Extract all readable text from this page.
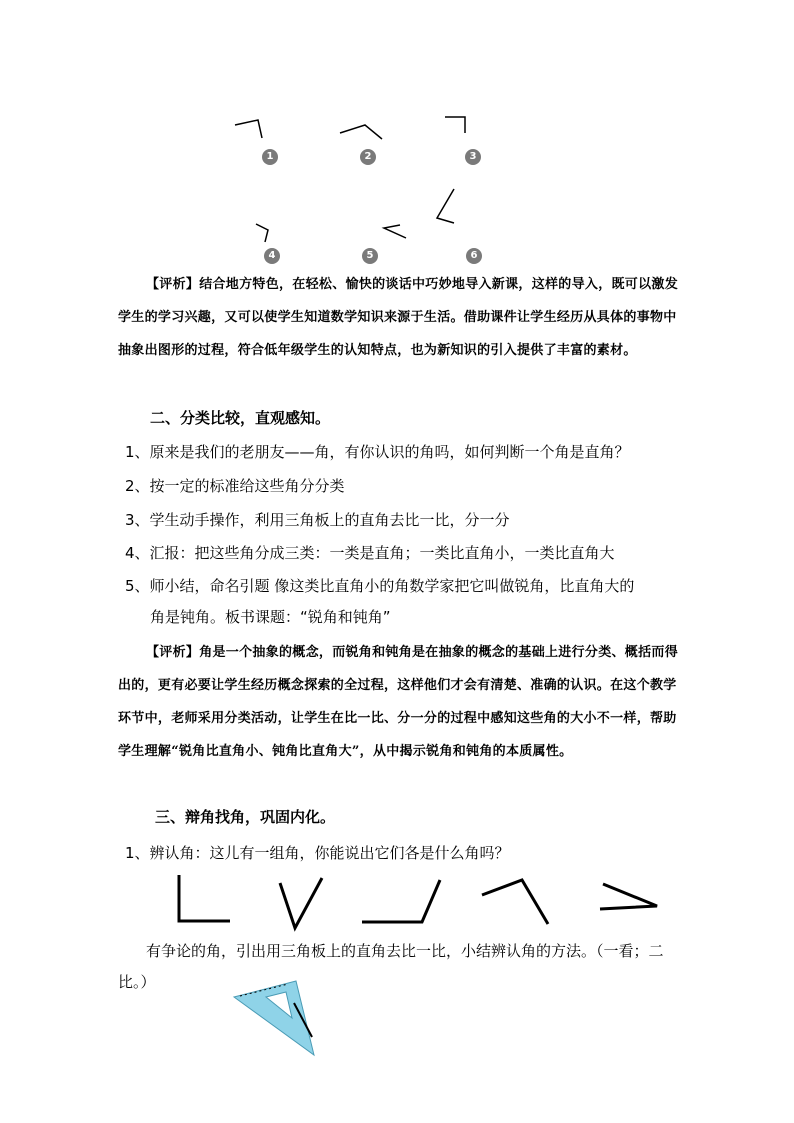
1	2	3
4	5	6
【评析】结合地方特色，在轻松、愉快的谈话中巧妙地导入新课，这样的导入，既可以激发学生的学习兴趣，又可以使学生知道数学知识来源于生活。借助课件让学生经历从具体的事物中抽象出图形的过程，符合低年级学生的认知特点，也为新知识的引入提供了丰富的素材。
二、分类比较，直观感知。
1、原来是我们的老朋友——角，有你认识的角吗，如何判断一个角是直角？
2、按一定的标准给这些角分分类
3、学生动手操作，利用三角板上的直角去比一比，分一分
4、汇报：把这些角分成三类：一类是直角；一类比直角小，一类比直角大
5、师小结，命名引题 像这类比直角小的角数学家把它叫做锐角，比直角大的
角是钝角。板书课题：“锐角和钝角”
【评析】角是一个抽象的概念，而锐角和钝角是在抽象的概念的基础上进行分类、概括而得出的，更有必要让学生经历概念探索的全过程，这样他们才会有清楚、准确的认识。在这个教学环节中，老师采用分类活动，让学生在比一比、分一分的过程中感知这些角的大小不一样，帮助学生理解“锐角比直角小、钝角比直角大”，从中揭示锐角和钝角的本质属性。
三、辩角找角，巩固内化。
1、辨认角：这儿有一组角，你能说出它们各是什么角吗？
有争论的角，引出用三角板上的直角去比一比，小结辨认角的方法。（一看；二比。）
